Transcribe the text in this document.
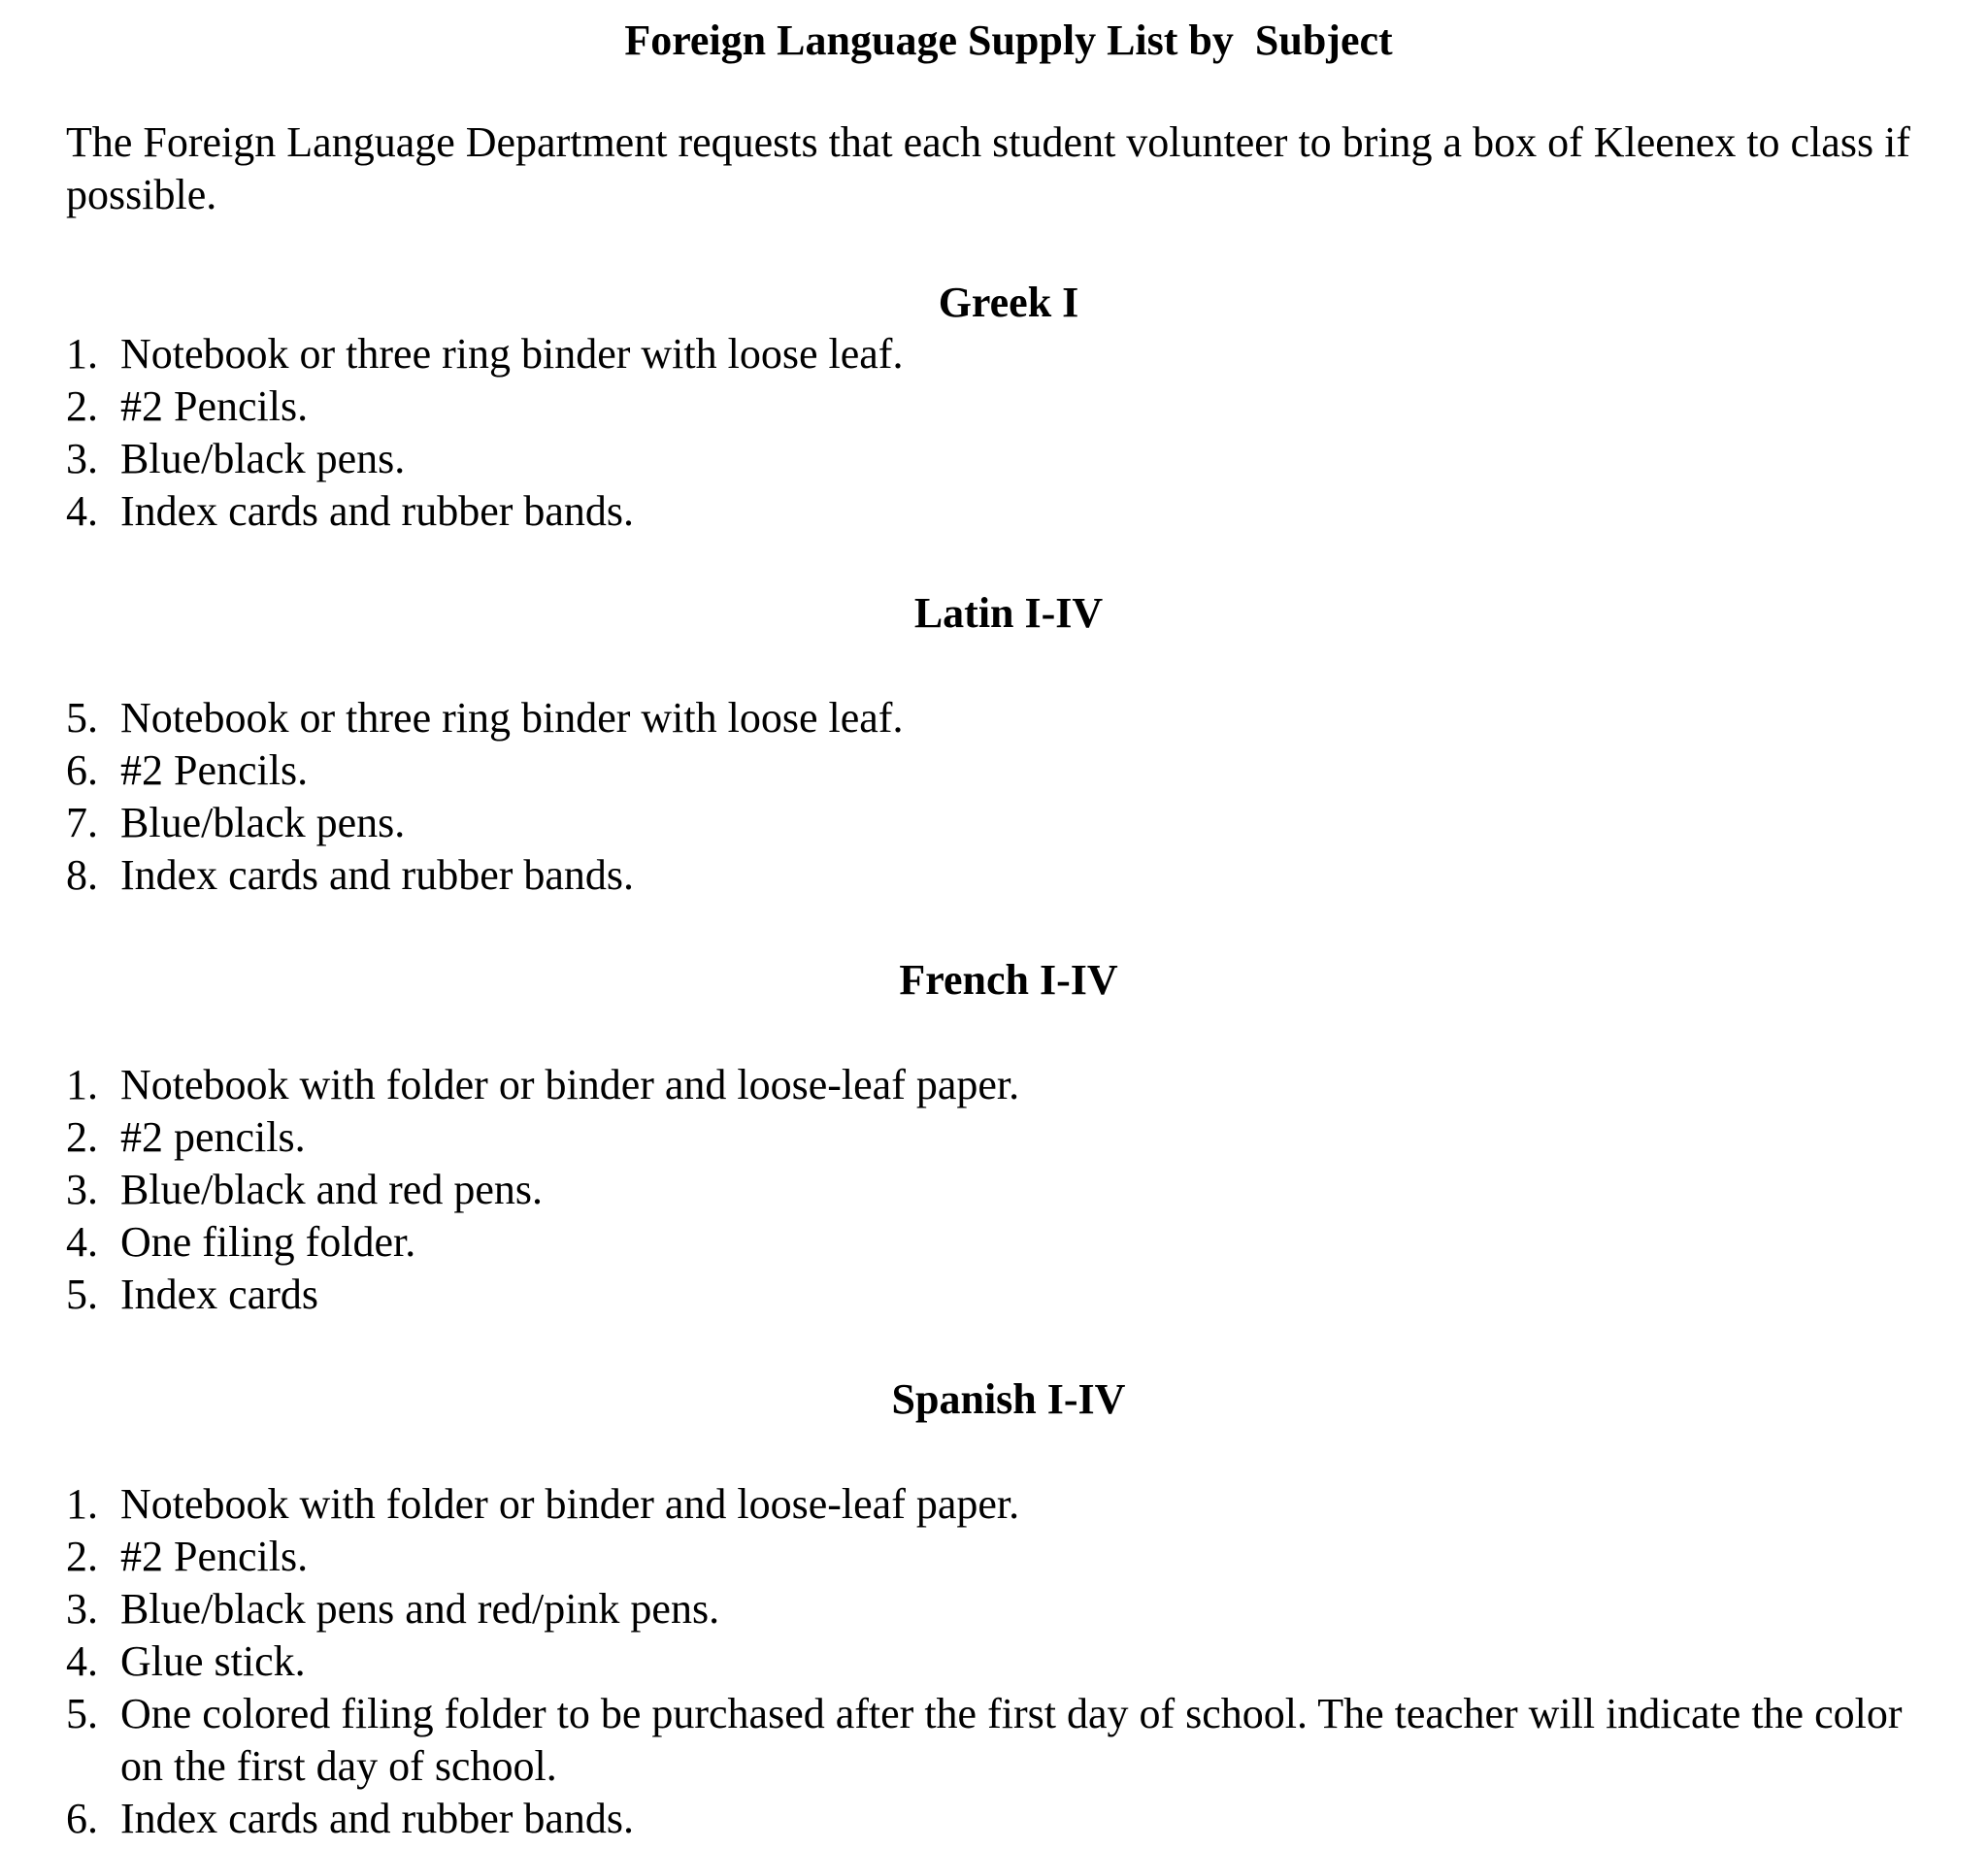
Foreign Language Supply List by  Subject
The Foreign Language Department requests that each student volunteer to bring a box of Kleenex to class if possible.
Greek I
1. Notebook or three ring binder with loose leaf.
2. #2 Pencils.
3. Blue/black pens.
4. Index cards and rubber bands.
Latin I-IV
5. Notebook or three ring binder with loose leaf.
6. #2 Pencils.
7. Blue/black pens.
8. Index cards and rubber bands.
French I-IV
1. Notebook with folder or binder and loose-leaf paper.
2. #2 pencils.
3. Blue/black and red pens.
4. One filing folder.
5. Index cards
Spanish I-IV
1. Notebook with folder or binder and loose-leaf paper.
2. #2 Pencils.
3. Blue/black pens and red/pink pens.
4. Glue stick.
5. One colored filing folder to be purchased after the first day of school. The teacher will indicate the color on the first day of school.
6. Index cards and rubber bands.
